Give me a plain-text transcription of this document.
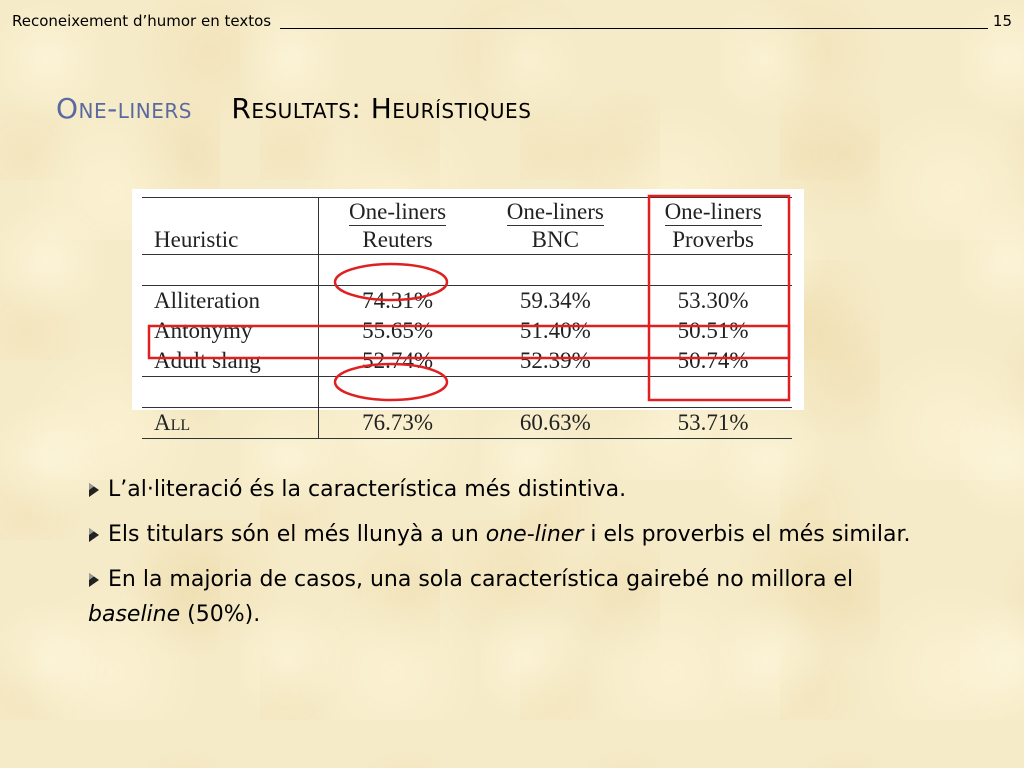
Reconeixement d’humor en textos	15
One-liners Resultats: Heurístiques
	One-liners	One-liners	One-liners
Heuristic	Reuters	BNC	Proverbs

Alliteration	74.31%	59.34%	53.30%
Antonymy	55.65%	51.40%	50.51%
Adult slang	52.74%	52.39%	50.74%

All	76.73%	60.63%	53.71%
L’al·literació és la característica més distintiva.
Els titulars són el més llunyà a un one-liner i els proverbis el més similar.
En la majoria de casos, una sola característica gairebé no millora el baseline (50%).
